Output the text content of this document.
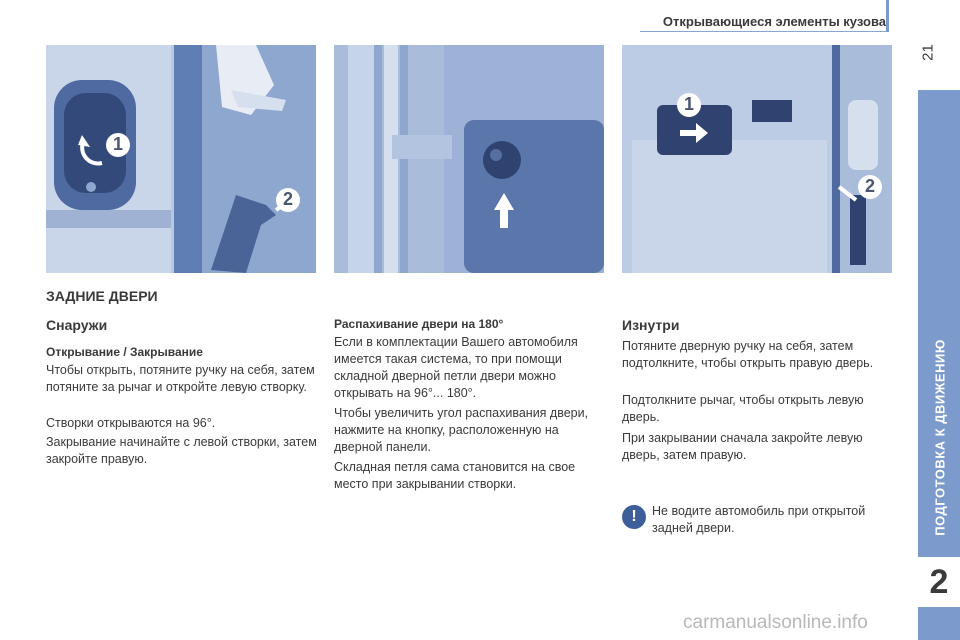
Открывающиеся элементы кузова
21
ПОДГОТОВКА К ДВИЖЕНИЮ
2
1
2
1
2
ЗАДНИЕ ДВЕРИ
Снаружи
Открывание / Закрывание
Чтобы открыть, потяните ручку на себя, затем потяните за рычаг и откройте левую створку.
Створки открываются на 96°.
Закрывание начинайте с левой створки, затем закройте правую.
Распахивание двери на 180°
Если в комплектации Вашего автомобиля имеется такая система, то при помощи складной дверной петли двери можно открывать на 96°... 180°.
Чтобы увеличить угол распахивания двери, нажмите на кнопку, расположенную на дверной панели.
Складная петля сама становится на свое место при закрывании створки.
Изнутри
Потяните дверную ручку на себя, затем подтолкните, чтобы открыть правую дверь.
Подтолкните рычаг, чтобы открыть левую дверь.
При закрывании сначала закройте левую дверь, затем правую.
!	Не водите автомобиль при открытой задней двери.
carmanualsonline.info
